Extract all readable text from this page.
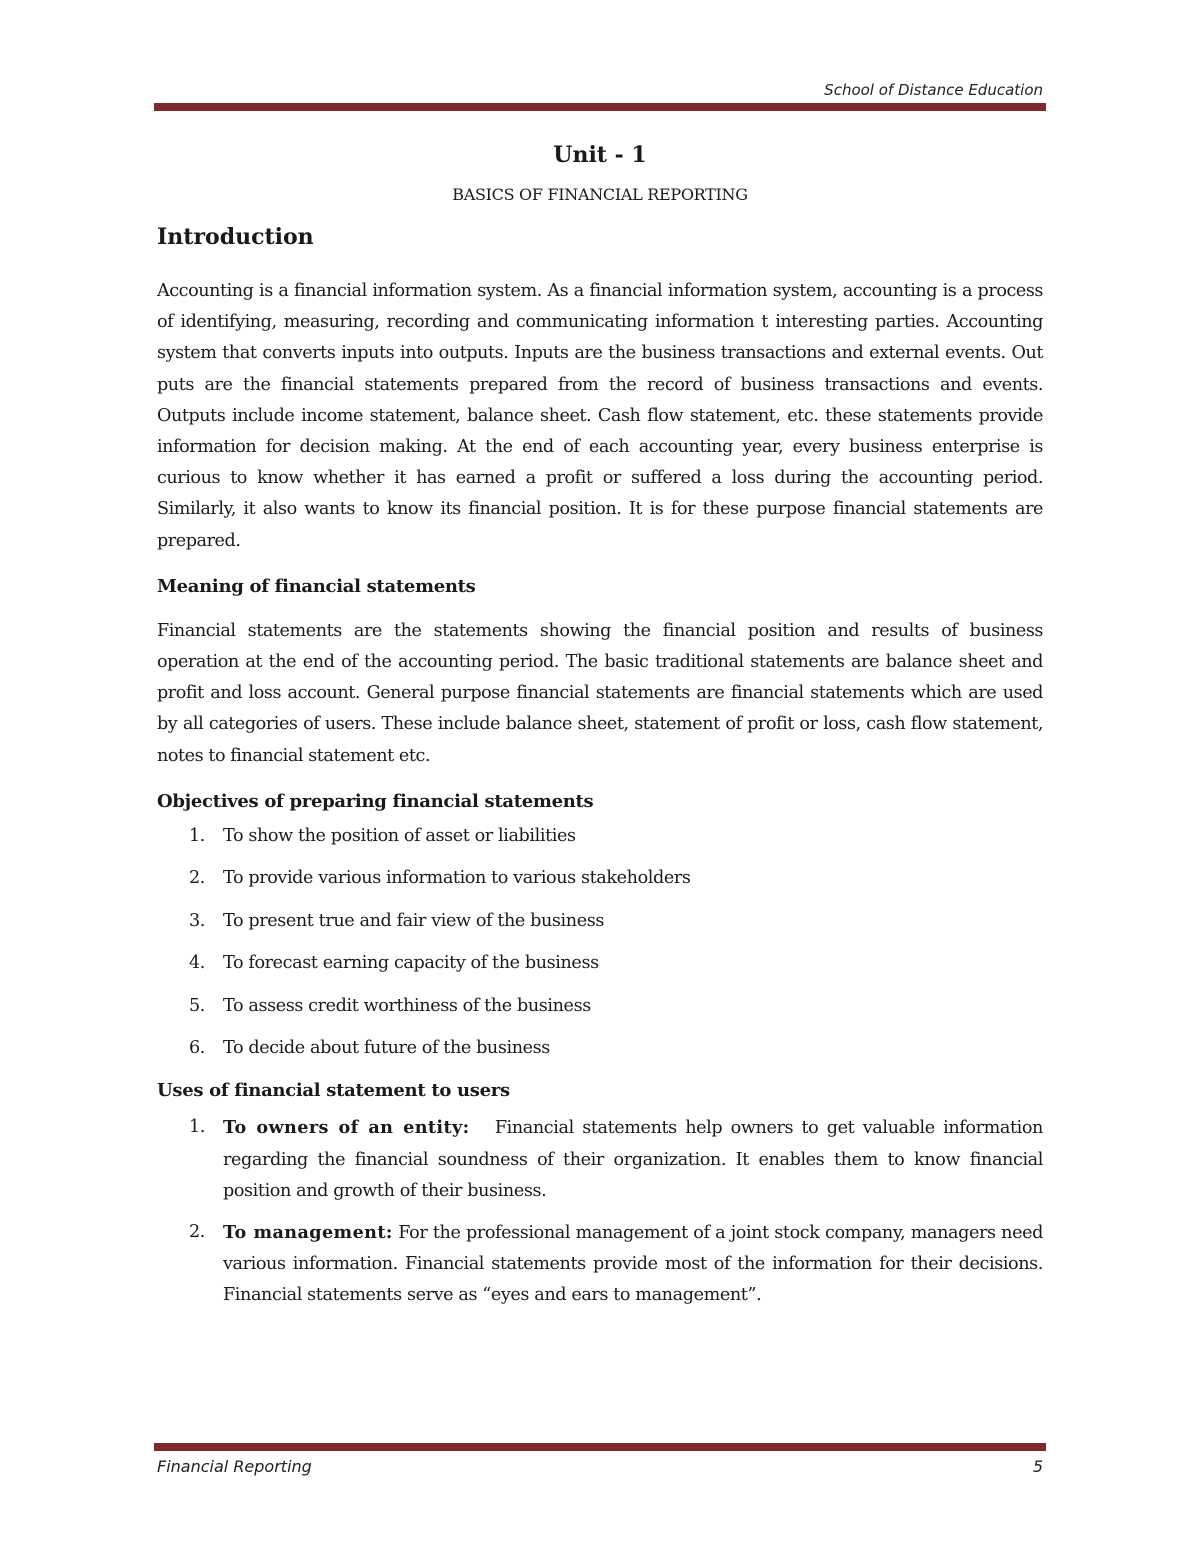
School of Distance Education
Unit - 1
BASICS OF FINANCIAL REPORTING
Introduction

Accounting is a financial information system. As a financial information system, accounting is a process of identifying, measuring, recording and communicating information t interesting parties. Accounting system that converts inputs into outputs. Inputs are the business transactions and external events. Out puts are the financial statements prepared from the record of business transactions and events. Outputs include income statement, balance sheet. Cash flow statement, etc. these statements provide information for decision making. At the end of each accounting year, every business enterprise is curious to know whether it has earned a profit or suffered a loss during the accounting period. Similarly, it also wants to know its financial position. It is for these purpose financial statements are prepared.

Meaning of financial statements

Financial statements are the statements showing the financial position and results of business operation at the end of the accounting period. The basic traditional statements are balance sheet and profit and loss account. General purpose financial statements are financial statements which are used by all categories of users. These include balance sheet, statement of profit or loss, cash flow statement, notes to financial statement etc.

Objectives of preparing financial statements
1.	To show the position of asset or liabilities
2.	To provide various information to various stakeholders
3.	To present true and fair view of the business
4.	To forecast earning capacity of the business
5.	To assess credit worthiness of the business
6.	To decide about future of the business
Uses of financial statement to users
1.	To owners of an entity: Financial statements help owners to get valuable information regarding the financial soundness of their organization. It enables them to know financial position and growth of their business.
2.	To management: For the professional management of a joint stock company, managers need various information. Financial statements provide most of the information for their decisions. Financial statements serve as “eyes and ears to management”.
Financial Reporting	5
